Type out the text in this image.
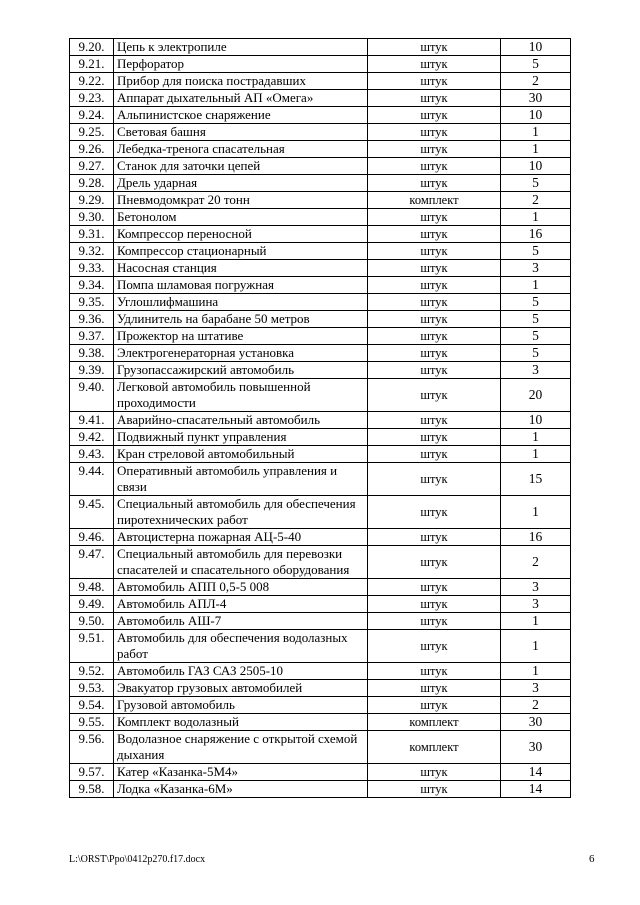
9.20.	Цепь к электропиле	штук	10
9.21.	Перфоратор	штук	5
9.22.	Прибор для поиска пострадавших	штук	2
9.23.	Аппарат дыхательный АП «Омега»	штук	30
9.24.	Альпинистское снаряжение	штук	10
9.25.	Световая башня	штук	1
9.26.	Лебедка-тренога спасательная	штук	1
9.27.	Станок для заточки цепей	штук	10
9.28.	Дрель ударная	штук	5
9.29.	Пневмодомкрат 20 тонн	комплект	2
9.30.	Бетонолом	штук	1
9.31.	Компрессор переносной	штук	16
9.32.	Компрессор стационарный	штук	5
9.33.	Насосная станция	штук	3
9.34.	Помпа шламовая погружная	штук	1
9.35.	Углошлифмашина	штук	5
9.36.	Удлинитель на барабане 50 метров	штук	5
9.37.	Прожектор на штативе	штук	5
9.38.	Электрогенераторная установка	штук	5
9.39.	Грузопассажирский автомобиль	штук	3
9.40.	Легковой автомобиль повышенной проходимости	штук	20
9.41.	Аварийно-спасательный автомобиль	штук	10
9.42.	Подвижный пункт управления	штук	1
9.43.	Кран стреловой автомобильный	штук	1
9.44.	Оперативный автомобиль управления и связи	штук	15
9.45.	Специальный автомобиль для обеспечения пиротехнических работ	штук	1
9.46.	Автоцистерна пожарная АЦ-5-40	штук	16
9.47.	Специальный автомобиль для перевозки спасателей и спасательного оборудования	штук	2
9.48.	Автомобиль АПП 0,5-5 008	штук	3
9.49.	Автомобиль АПЛ-4	штук	3
9.50.	Автомобиль АШ-7	штук	1
9.51.	Автомобиль для обеспечения водолазных работ	штук	1
9.52.	Автомобиль ГАЗ САЗ 2505-10	штук	1
9.53.	Эвакуатор грузовых автомобилей	штук	3
9.54.	Грузовой автомобиль	штук	2
9.55.	Комплект водолазный	комплект	30
9.56.	Водолазное снаряжение с открытой схемой дыхания	комплект	30
9.57.	Катер «Казанка-5М4»	штук	14
9.58.	Лодка «Казанка-6М»	штук	14
L:\ORST\Ppo\0412p270.f17.docx	6
